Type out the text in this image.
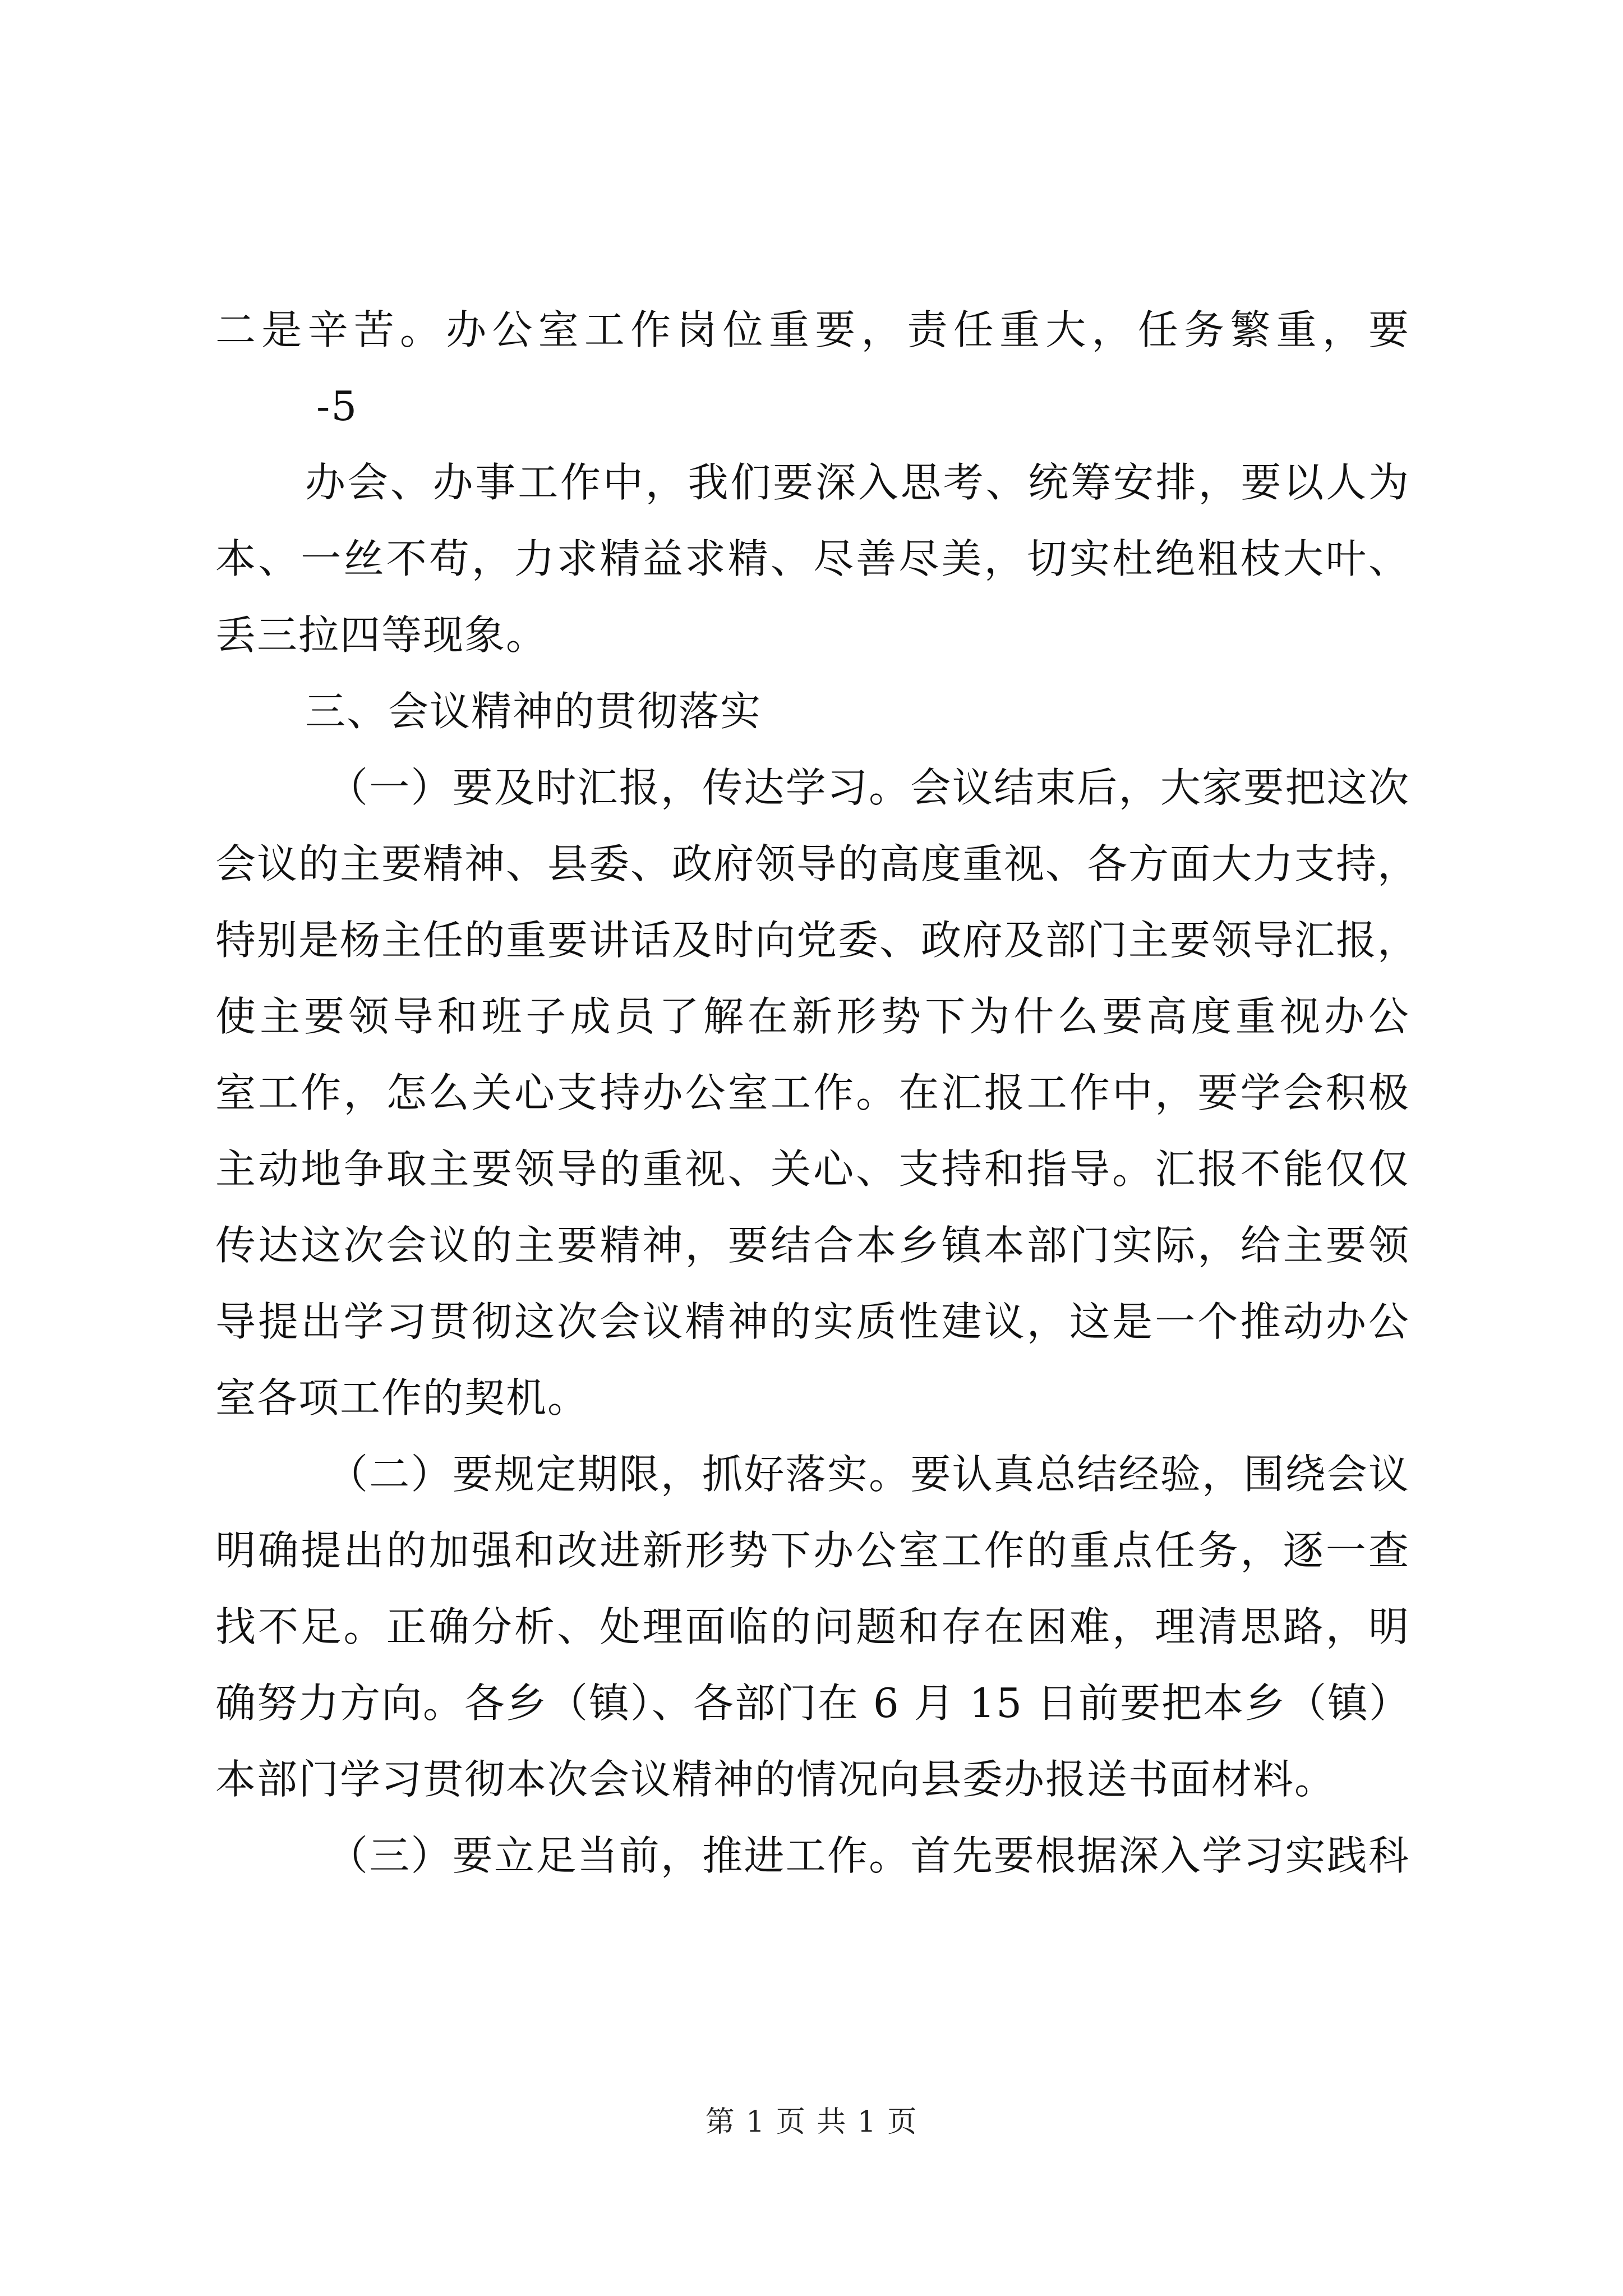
二是辛苦。办公室工作岗位重要，责任重大，任务繁重，要
-5
办会、办事工作中，我们要深入思考、统筹安排，要以人为
本、一丝不苟，力求精益求精、尽善尽美，切实杜绝粗枝大叶、
丢三拉四等现象。
三、会议精神的贯彻落实
（一）要及时汇报，传达学习。会议结束后，大家要把这次
会议的主要精神、县委、政府领导的高度重视、各方面大力支持，
特别是杨主任的重要讲话及时向党委、政府及部门主要领导汇报，
使主要领导和班子成员了解在新形势下为什么要高度重视办公
室工作，怎么关心支持办公室工作。在汇报工作中，要学会积极
主动地争取主要领导的重视、关心、支持和指导。汇报不能仅仅
传达这次会议的主要精神，要结合本乡镇本部门实际，给主要领
导提出学习贯彻这次会议精神的实质性建议，这是一个推动办公
室各项工作的契机。
（二）要规定期限，抓好落实。要认真总结经验，围绕会议
明确提出的加强和改进新形势下办公室工作的重点任务，逐一查
找不足。正确分析、处理面临的问题和存在困难，理清思路，明
确努力方向。各乡（镇）、各部门在 6 月 15 日前要把本乡（镇）
本部门学习贯彻本次会议精神的情况向县委办报送书面材料。
（三）要立足当前，推进工作。首先要根据深入学习实践科
第 1 页 共 1 页
